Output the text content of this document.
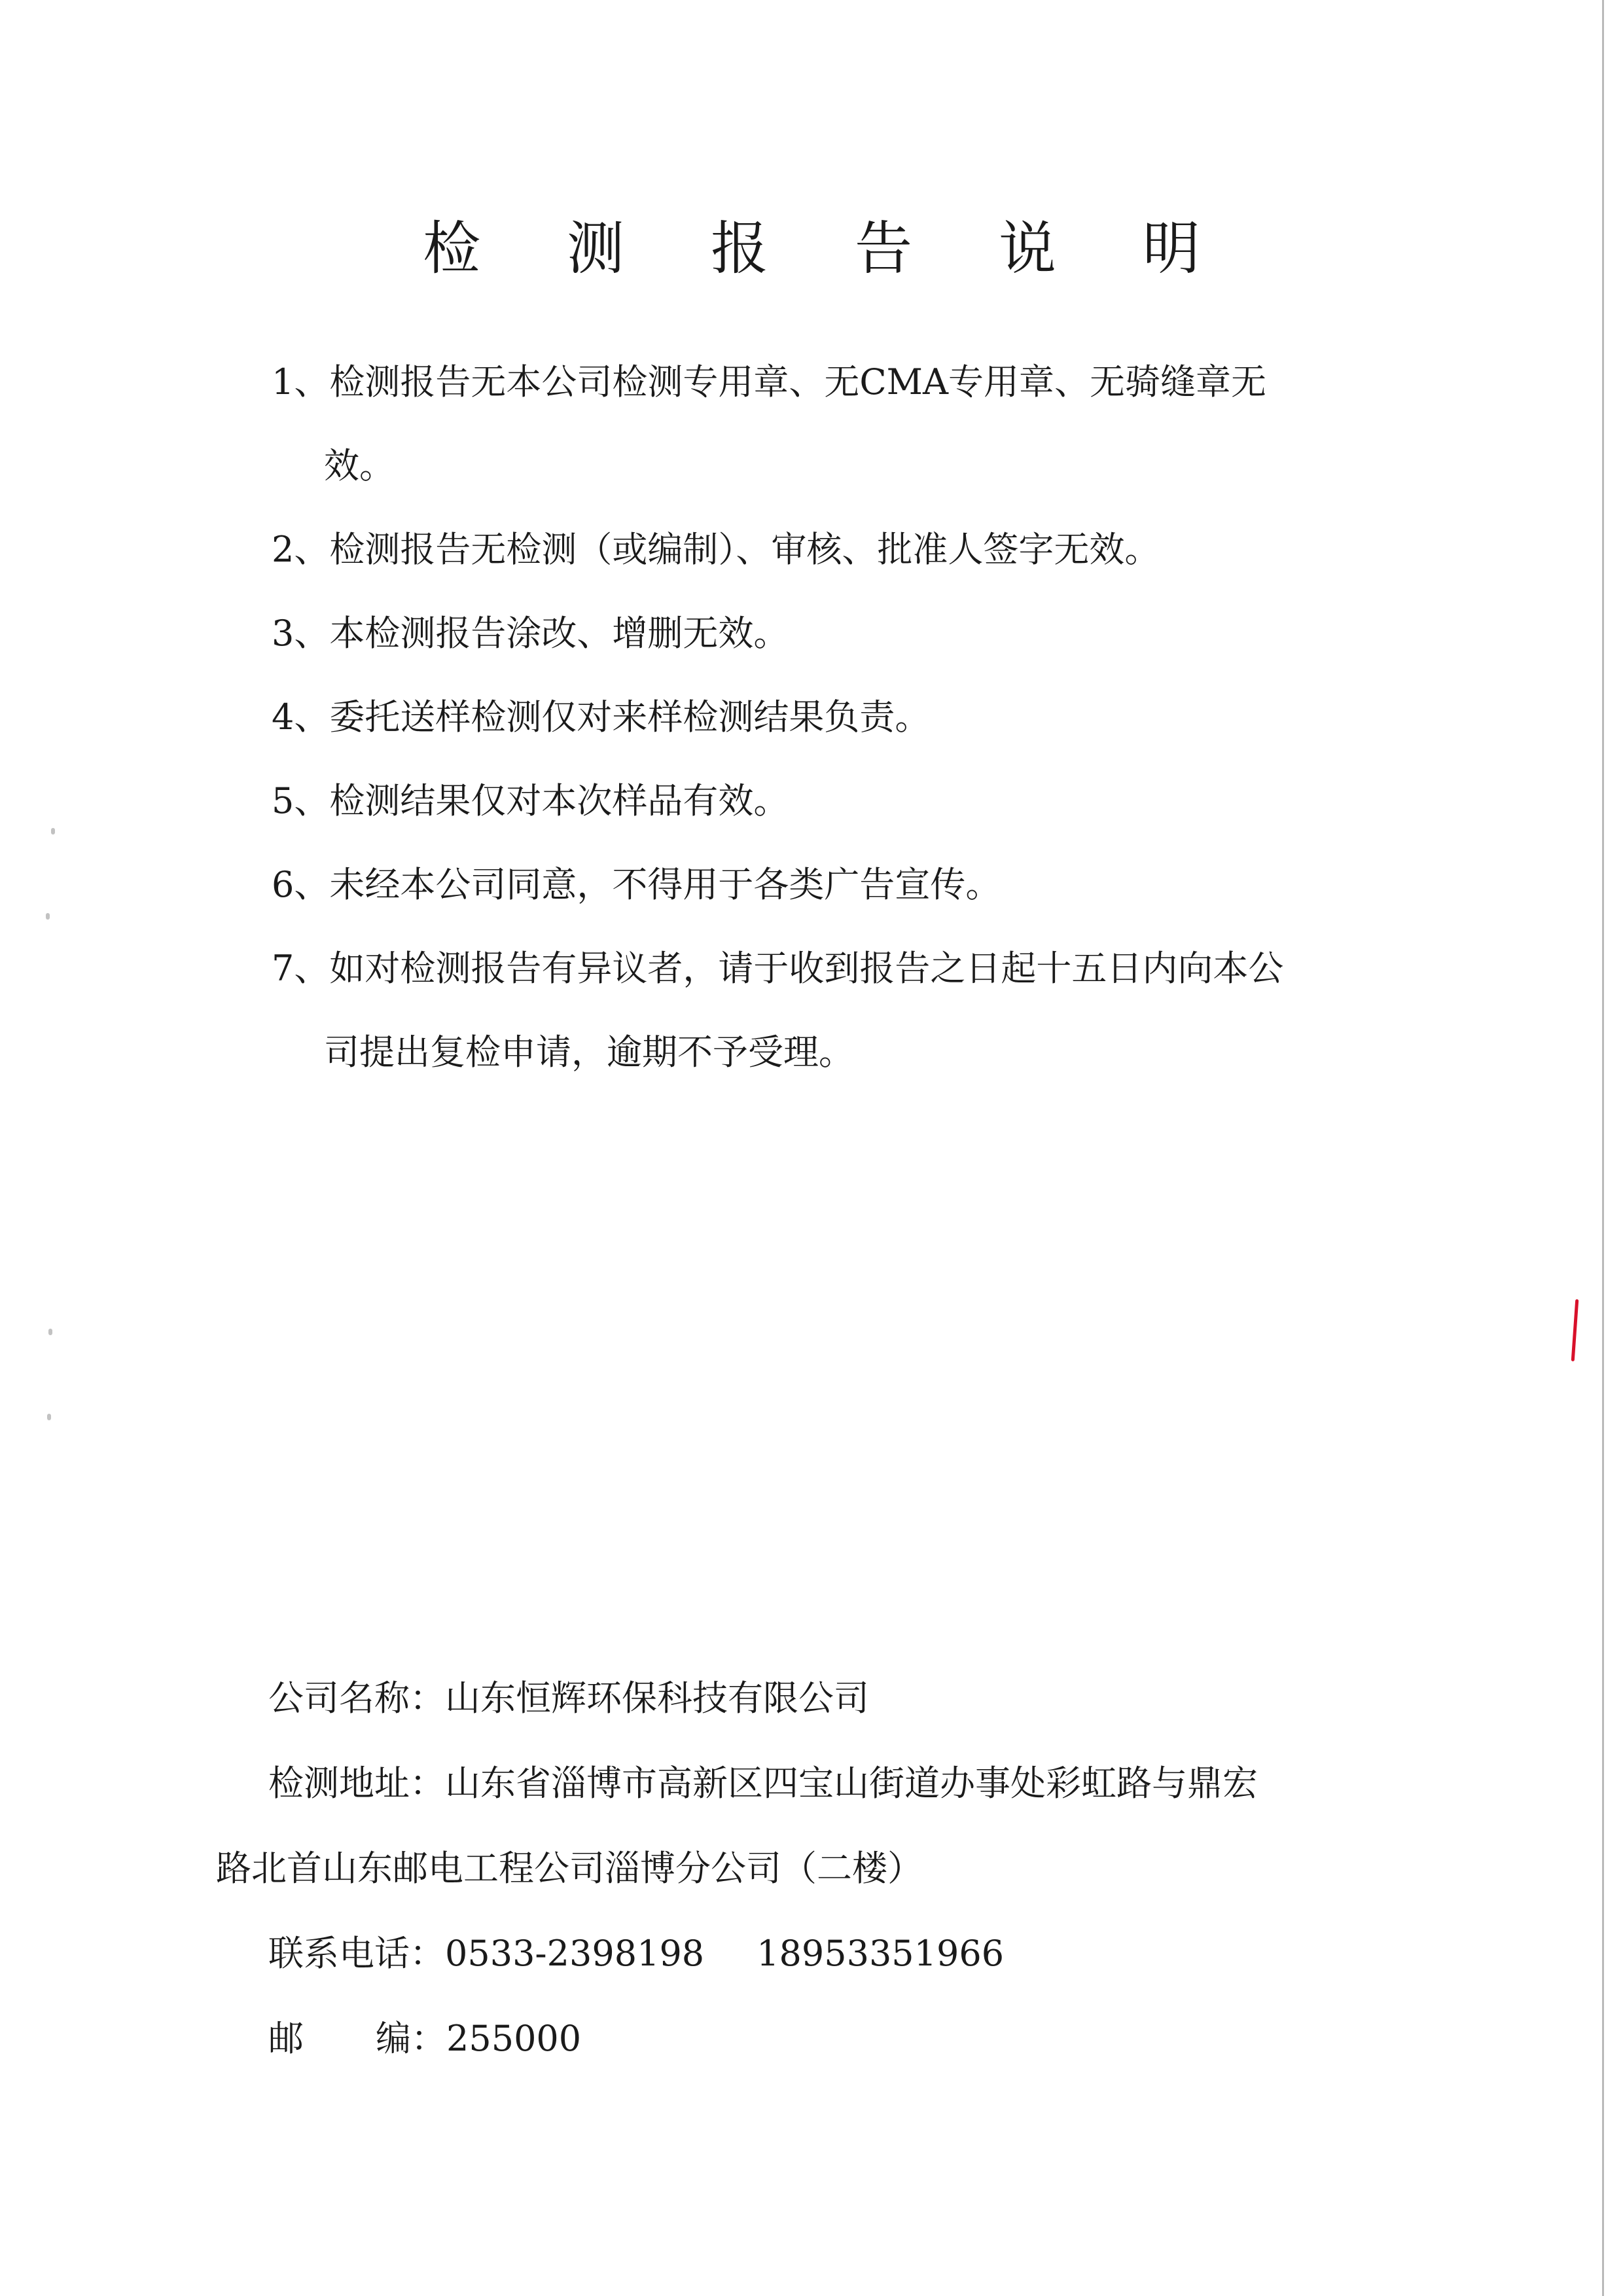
检 测 报 告 说 明
1、检测报告无本公司检测专用章、无CMA专用章、无骑缝章无
效。
2、检测报告无检测（或编制）、审核、批准人签字无效。
3、本检测报告涂改、增删无效。
4、委托送样检测仅对来样检测结果负责。
5、检测结果仅对本次样品有效。
6、未经本公司同意，不得用于各类广告宣传。
7、如对检测报告有异议者，请于收到报告之日起十五日内向本公
司提出复检申请，逾期不予受理。
公司名称：山东恒辉环保科技有限公司
检测地址：山东省淄博市高新区四宝山街道办事处彩虹路与鼎宏
路北首山东邮电工程公司淄博分公司（二楼）
联系电话：0533-2398198 18953351966
邮 编：255000
